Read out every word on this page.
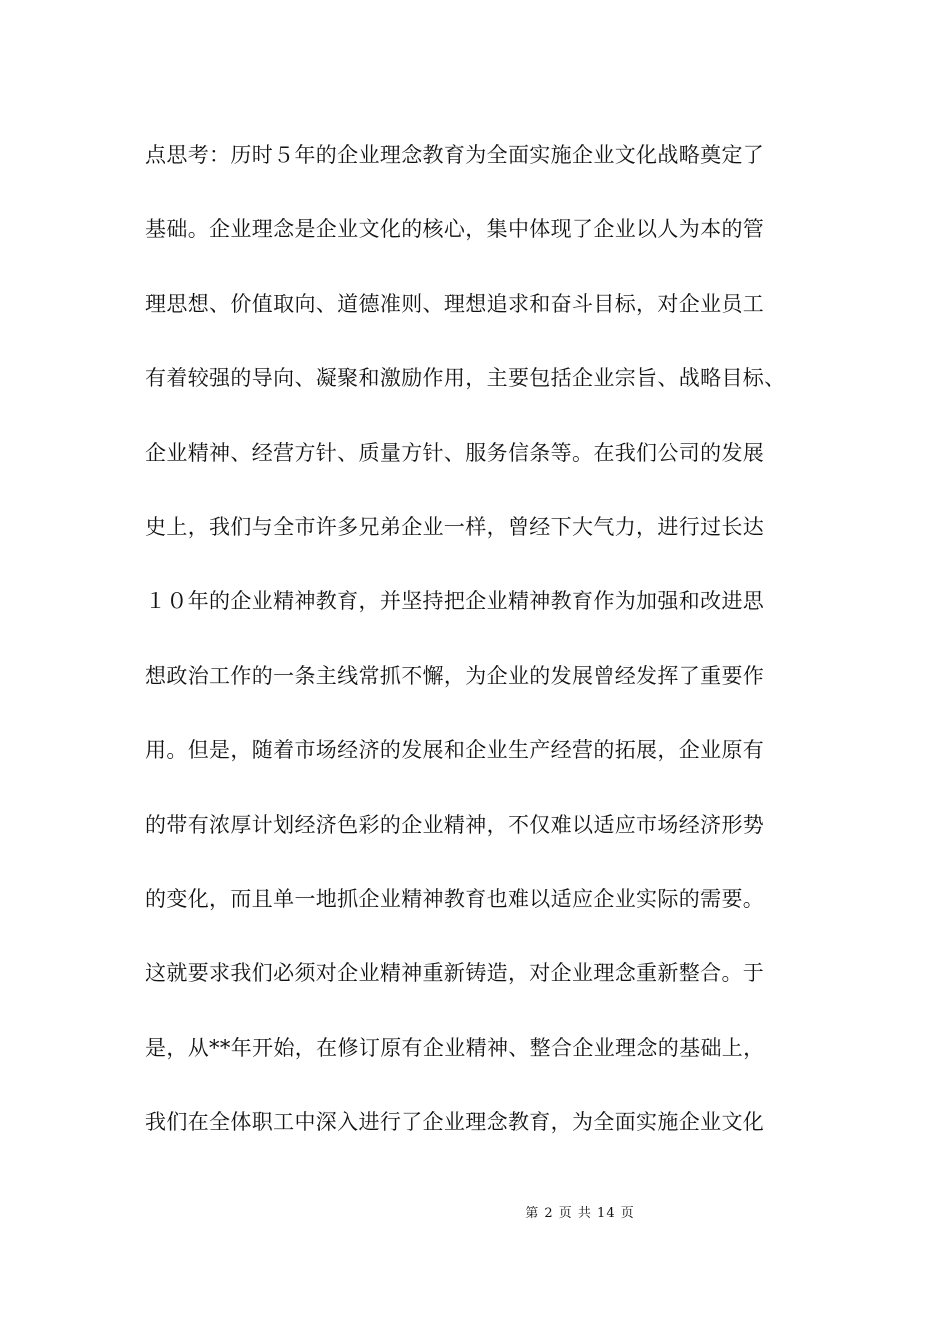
点思考：历时５年的企业理念教育为全面实施企业文化战略奠定了
基础。企业理念是企业文化的核心，集中体现了企业以人为本的管
理思想、价值取向、道德准则、理想追求和奋斗目标，对企业员工
有着较强的导向、凝聚和激励作用，主要包括企业宗旨、战略目标、
企业精神、经营方针、质量方针、服务信条等。在我们公司的发展
史上，我们与全市许多兄弟企业一样，曾经下大气力，进行过长达
１０年的企业精神教育，并坚持把企业精神教育作为加强和改进思
想政治工作的一条主线常抓不懈，为企业的发展曾经发挥了重要作
用。但是，随着市场经济的发展和企业生产经营的拓展，企业原有
的带有浓厚计划经济色彩的企业精神，不仅难以适应市场经济形势
的变化，而且单一地抓企业精神教育也难以适应企业实际的需要。
这就要求我们必须对企业精神重新铸造，对企业理念重新整合。于
是，从**年开始，在修订原有企业精神、整合企业理念的基础上，
我们在全体职工中深入进行了企业理念教育，为全面实施企业文化
第 2 页 共 14 页
